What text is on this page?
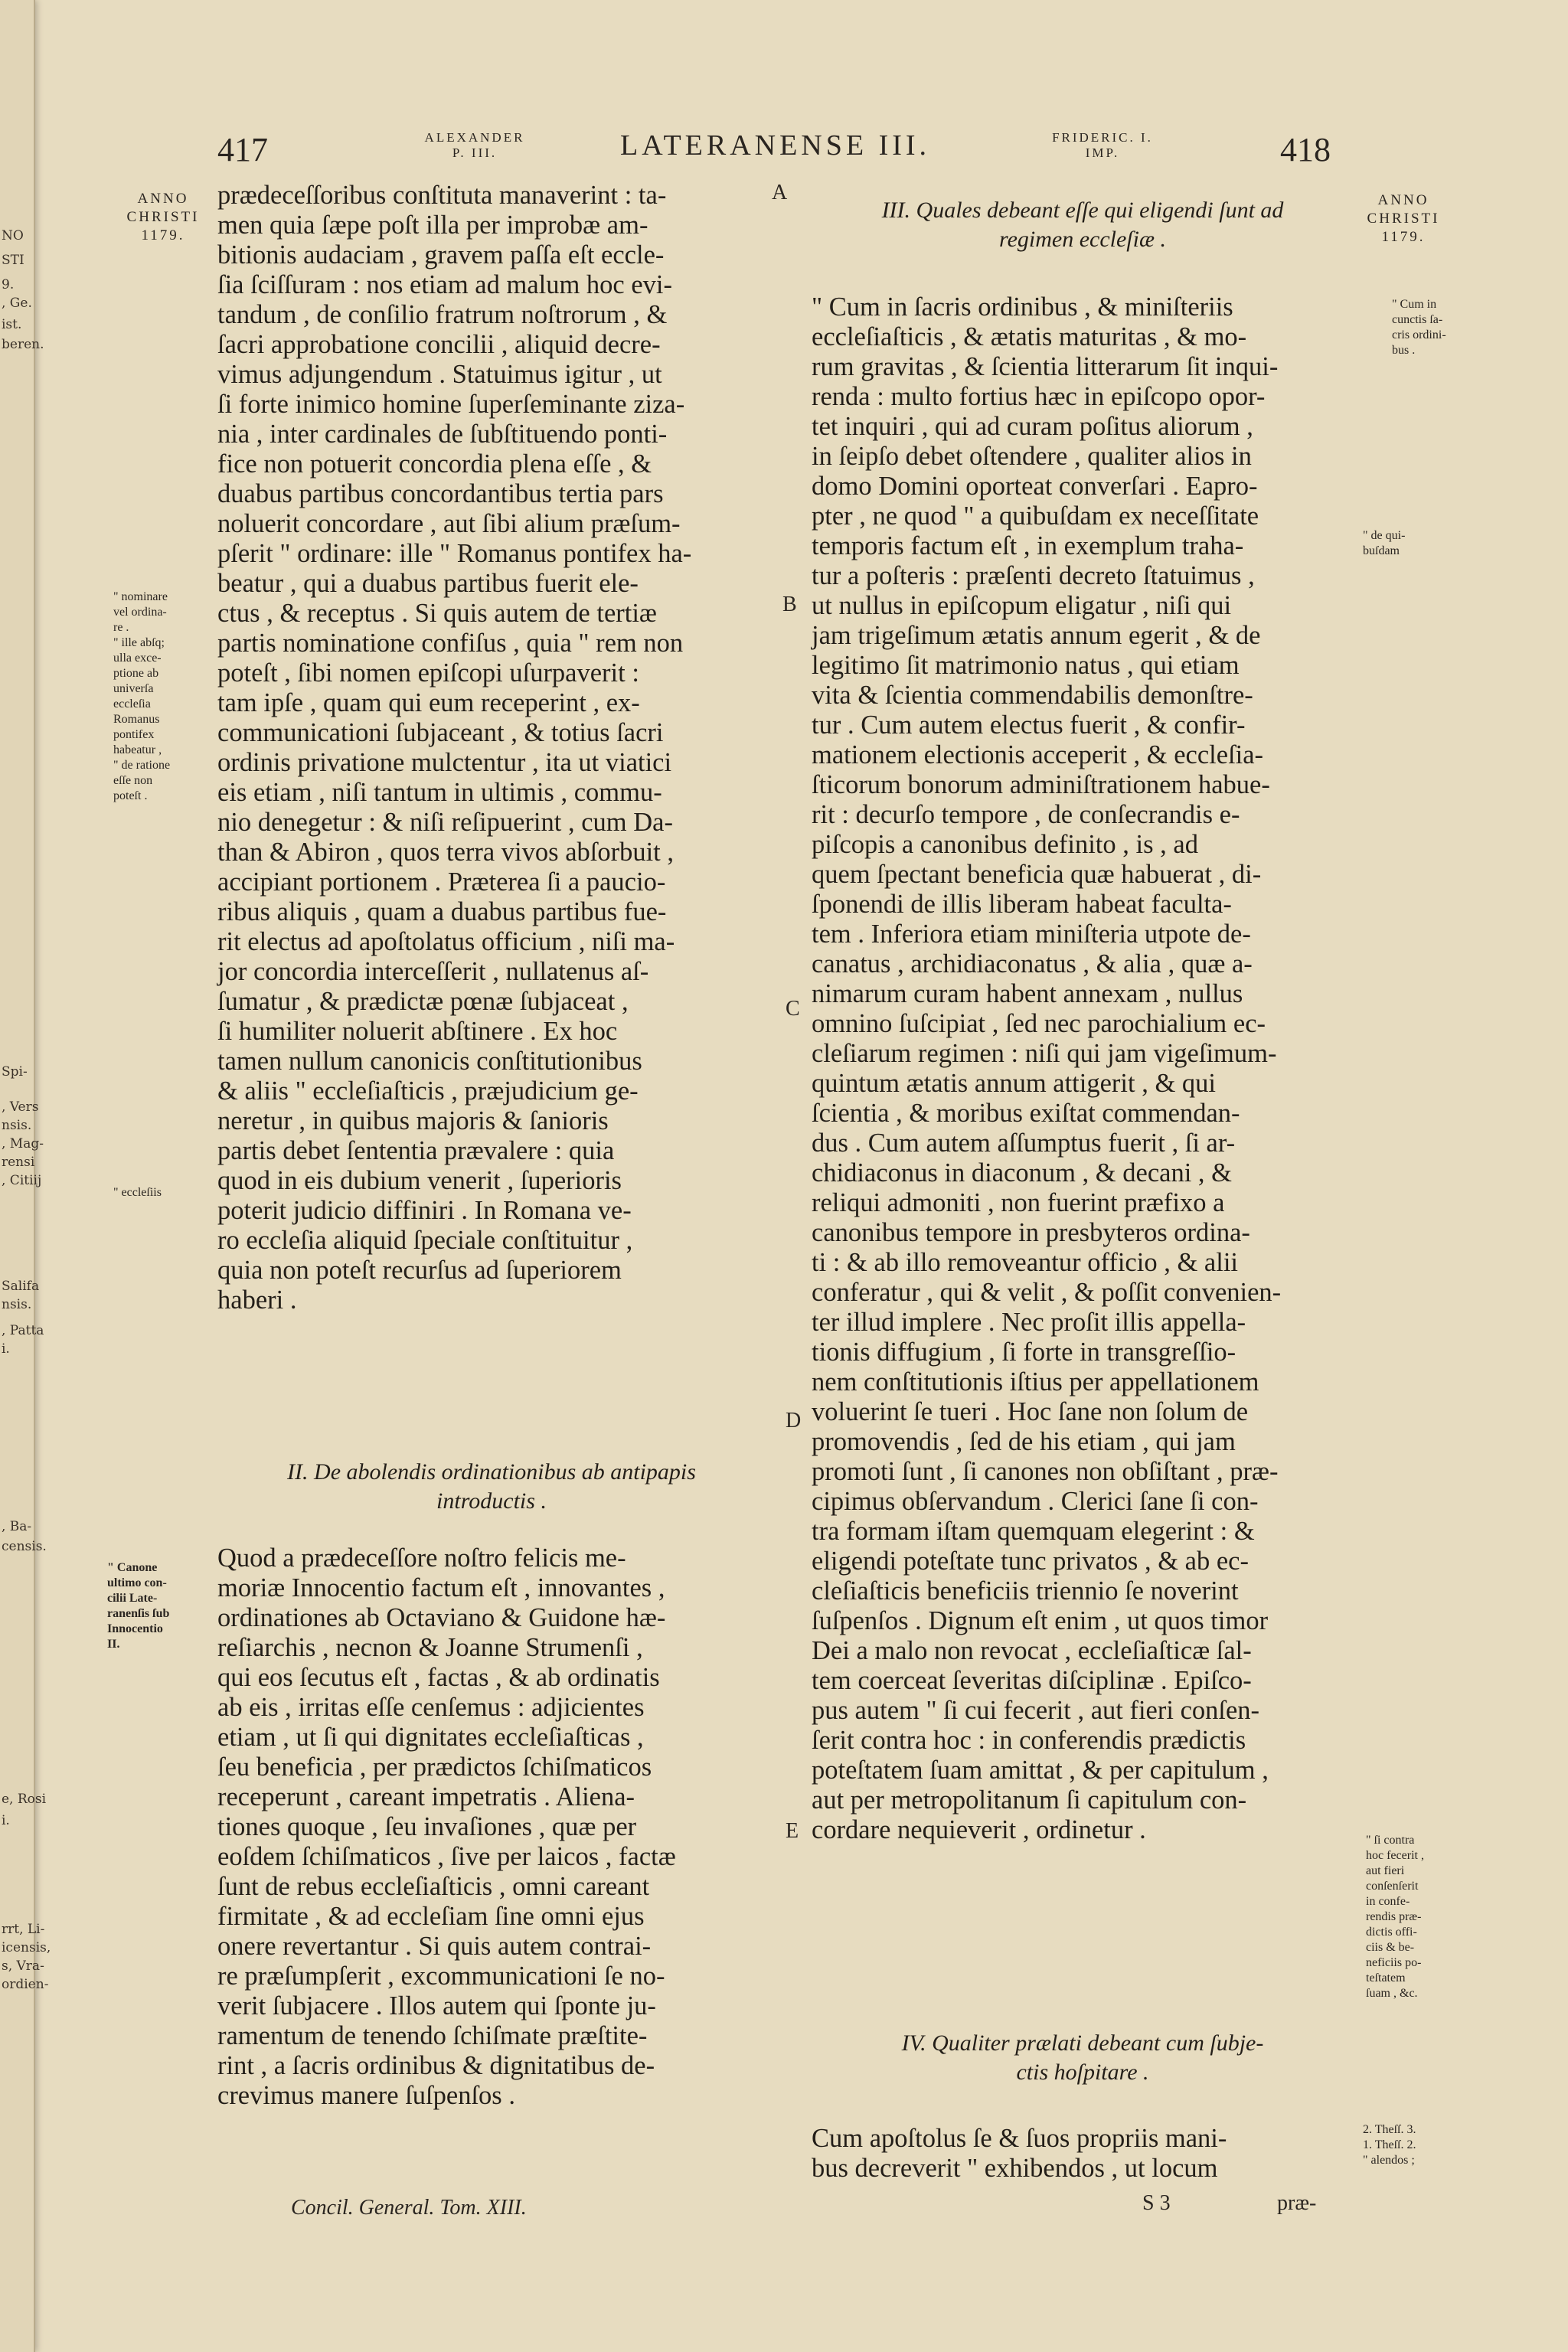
NO
STI
9.
, Ge.
ist.
beren.
Spi-
, Vers
nsis.
, Mag-
rensi
, Citiij
Salifa
nsis.
, Patta
i.
, Ba-
censis.
e, Rosi
i.
rrt, Li-
icensis,
s, Vra-
ordien-
417	ALEXANDER
P. III.	LATERANENSE III.	FRIDERIC. I.
IMP.	418
ANNO
CHRISTI
1179.
ANNO
CHRISTI
1179.
A
B
C
D
E
prædeceſſoribus conſtituta manaverint : ta-
men quia ſæpe poſt illa per improbæ am-
bitionis audaciam , gravem paſſa eſt eccle-
ſia ſciſſuram : nos etiam ad malum hoc evi-
tandum , de conſilio fratrum noſtrorum , &
ſacri approbatione concilii , aliquid decre-
vimus adjungendum . Statuimus igitur , ut
ſi forte inimico homine ſuperſeminante ziza-
nia , inter cardinales de ſubſtituendo ponti-
fice non potuerit concordia plena eſſe , &
duabus partibus concordantibus tertia pars
noluerit concordare , aut ſibi alium præſum-
pſerit " ordinare: ille " Romanus pontifex ha-
beatur , qui a duabus partibus fuerit ele-
ctus , & receptus . Si quis autem de tertiæ
partis nominatione confiſus , quia " rem non
poteſt , ſibi nomen epiſcopi uſurpaverit :
tam ipſe , quam qui eum receperint , ex-
communicationi ſubjaceant , & totius ſacri
ordinis privatione mulctentur , ita ut viatici
eis etiam , niſi tantum in ultimis , commu-
nio denegetur : & niſi reſipuerint , cum Da-
than & Abiron , quos terra vivos abſorbuit ,
accipiant portionem . Præterea ſi a paucio-
ribus aliquis , quam a duabus partibus fue-
rit electus ad apoſtolatus officium , niſi ma-
jor concordia interceſſerit , nullatenus aſ-
ſumatur , & prædictæ pœnæ ſubjaceat ,
ſi humiliter noluerit abſtinere . Ex hoc
tamen nullum canonicis conſtitutionibus
& aliis " eccleſiaſticis , præjudicium ge-
neretur , in quibus majoris & ſanioris
partis debet ſententia prævalere : quia
quod in eis dubium venerit , ſuperioris
poterit judicio diffiniri . In Romana ve-
ro eccleſia aliquid ſpeciale conſtituitur ,
quia non poteſt recurſus ad ſuperiorem
haberi .
II. De abolendis ordinationibus ab antipapis
introductis .
Quod a prædeceſſore noſtro felicis me-
moriæ Innocentio factum eſt , innovantes ,
ordinationes ab Octaviano & Guidone hæ-
reſiarchis , necnon & Joanne Strumenſi ,
qui eos ſecutus eſt , factas , & ab ordinatis
ab eis , irritas eſſe cenſemus : adjicientes
etiam , ut ſi qui dignitates eccleſiaſticas ,
ſeu beneficia , per prædictos ſchiſmaticos
receperunt , careant impetratis . Aliena-
tiones quoque , ſeu invaſiones , quæ per
eoſdem ſchiſmaticos , ſive per laicos , factæ
ſunt de rebus eccleſiaſticis , omni careant
firmitate , & ad eccleſiam ſine omni ejus
onere revertantur . Si quis autem contrai-
re præſumpſerit , excommunicationi ſe no-
verit ſubjacere . Illos autem qui ſponte ju-
ramentum de tenendo ſchiſmate præſtite-
rint , a ſacris ordinibus & dignitatibus de-
crevimus manere ſuſpenſos .
III. Quales debeant eſſe qui eligendi ſunt ad
regimen eccleſiæ .
" Cum in ſacris ordinibus , & miniſteriis
eccleſiaſticis , & ætatis maturitas , & mo-
rum gravitas , & ſcientia litterarum ſit inqui-
renda : multo fortius hæc in epiſcopo opor-
tet inquiri , qui ad curam poſitus aliorum ,
in ſeipſo debet oſtendere , qualiter alios in
domo Domini oporteat converſari . Eapro-
pter , ne quod " a quibuſdam ex neceſſitate
temporis factum eſt , in exemplum traha-
tur a poſteris : præſenti decreto ſtatuimus ,
ut nullus in epiſcopum eligatur , niſi qui
jam trigeſimum ætatis annum egerit , & de
legitimo ſit matrimonio natus , qui etiam
vita & ſcientia commendabilis demonſtre-
tur . Cum autem electus fuerit , & confir-
mationem electionis acceperit , & eccleſia-
ſticorum bonorum adminiſtrationem habue-
rit : decurſo tempore , de conſecrandis e-
piſcopis a canonibus definito , is , ad
quem ſpectant beneficia quæ habuerat , di-
ſponendi de illis liberam habeat faculta-
tem . Inferiora etiam miniſteria utpote de-
canatus , archidiaconatus , & alia , quæ a-
nimarum curam habent annexam , nullus
omnino ſuſcipiat , ſed nec parochialium ec-
cleſiarum regimen : niſi qui jam vigeſimum-
quintum ætatis annum attigerit , & qui
ſcientia , & moribus exiſtat commendan-
dus . Cum autem aſſumptus fuerit , ſi ar-
chidiaconus in diaconum , & decani , &
reliqui admoniti , non fuerint præfixo a
canonibus tempore in presbyteros ordina-
ti : & ab illo removeantur officio , & alii
conferatur , qui & velit , & poſſit convenien-
ter illud implere . Nec proſit illis appella-
tionis diffugium , ſi forte in transgreſſio-
nem conſtitutionis iſtius per appellationem
voluerint ſe tueri . Hoc ſane non ſolum de
promovendis , ſed de his etiam , qui jam
promoti ſunt , ſi canones non obſiſtant , præ-
cipimus obſervandum . Clerici ſane ſi con-
tra formam iſtam quemquam elegerint : &
eligendi poteſtate tunc privatos , & ab ec-
cleſiaſticis beneficiis triennio ſe noverint
ſuſpenſos . Dignum eſt enim , ut quos timor
Dei a malo non revocat , eccleſiaſticæ ſal-
tem coerceat ſeveritas diſciplinæ . Epiſco-
pus autem " ſi cui fecerit , aut fieri conſen-
ſerit contra hoc : in conferendis prædictis
poteſtatem ſuam amittat , & per capitulum ,
aut per metropolitanum ſi capitulum con-
cordare nequieverit , ordinetur .
IV. Qualiter prælati debeant cum ſubje-
ctis hoſpitare .
Cum apoſtolus ſe & ſuos propriis mani-
bus decreverit " exhibendos , ut locum
" nominare
vel ordina-
re .
" ille abſq;
ulla exce-
ptione ab
univerſa
eccleſia
Romanus
pontifex
habeatur ,
" de ratione
eſſe non
poteſt .
" eccleſiis
" Canone
ultimo con-
cilii Late-
ranenſis ſub
Innocentio
II.
" Cum in
cunctis ſa-
cris ordini-
bus .
" de qui-
buſdam
" ſi contra
hoc fecerit ,
aut fieri
conſenſerit
in confe-
rendis præ-
dictis offi-
ciis & be-
neficiis po-
teſtatem
ſuam , &c.
2. Theſſ. 3.
1. Theſſ. 2.
" alendos ;
Concil. General. Tom. XIII.	S 3	præ-
